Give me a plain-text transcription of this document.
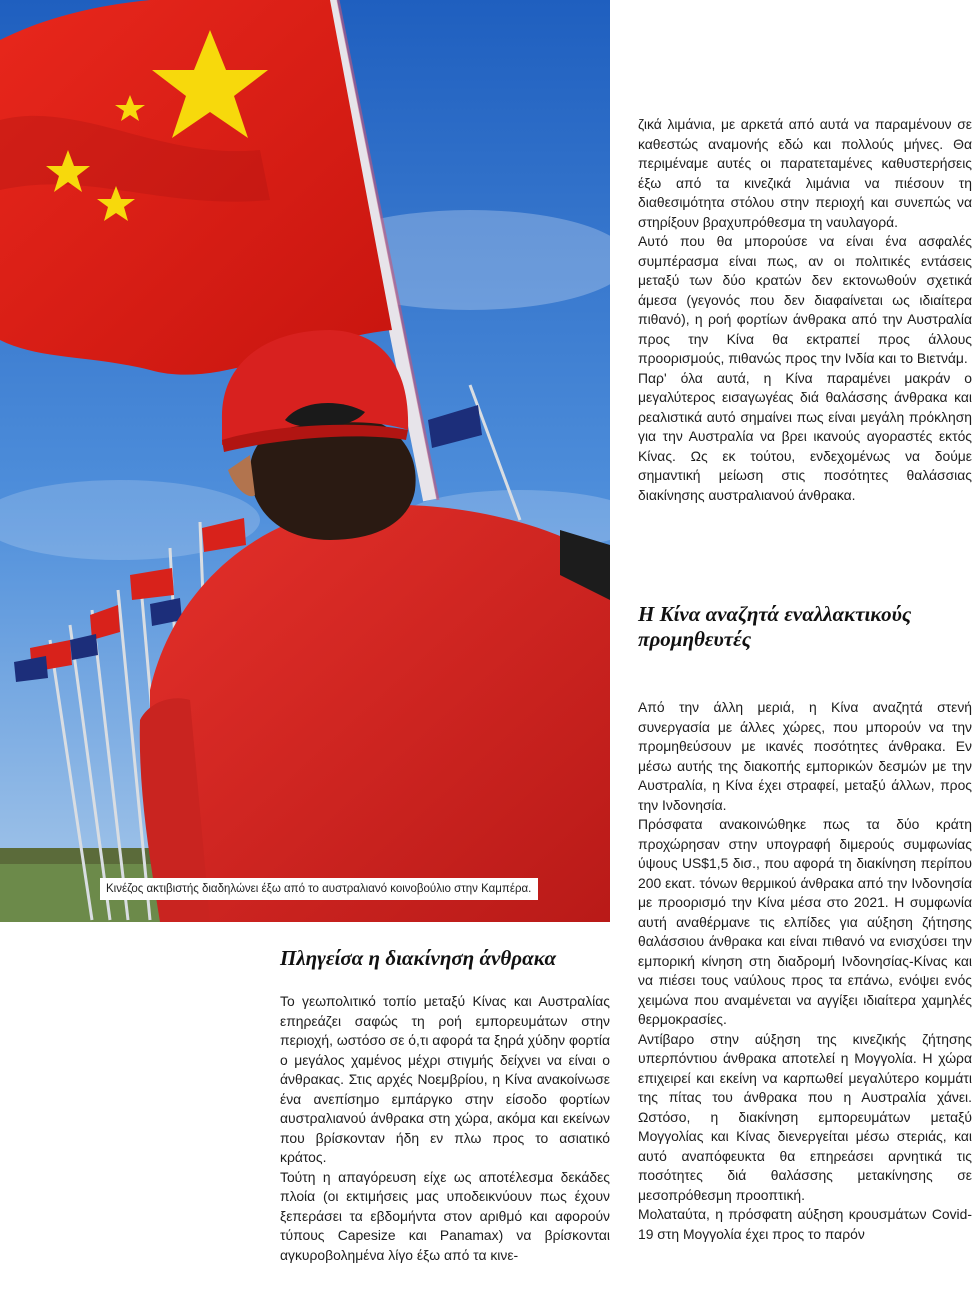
Κινέζος ακτιβιστής διαδηλώνει έξω από το αυστραλιανό κοινοβούλιο στην Καμπέρα.
Πληγείσα η διακίνηση άνθρακα

Το γεωπολιτικό τοπίο μεταξύ Κίνας και Αυστραλίας επηρεάζει σαφώς τη ροή εμπορευμάτων στην περιοχή, ωστόσο σε ό,τι αφορά τα ξηρά χύδην φορτία ο μεγάλος χαμένος μέχρι στιγμής δείχνει να είναι ο άνθρακας. Στις αρχές Νοεμβρίου, η Κίνα ανακοίνωσε ένα ανεπίσημο εμπάργκο στην είσοδο φορτίων αυστραλιανού άνθρακα στη χώρα, ακόμα και εκείνων που βρίσκονταν ήδη εν πλω προς το ασιατικό κράτος.

Τούτη η απαγόρευση είχε ως αποτέλεσμα δεκάδες πλοία (οι εκτιμήσεις μας υποδεικνύουν πως έχουν ξεπεράσει τα εβδομήντα στον αριθμό και αφορούν τύπους Capesize και Panamax) να βρίσκονται αγκυροβολημένα λίγο έξω από τα κινε-

ζικά λιμάνια, με αρκετά από αυτά να παραμένουν σε καθεστώς αναμονής εδώ και πολλούς μήνες. Θα περιμέναμε αυτές οι παρατεταμένες καθυστερήσεις έξω από τα κινεζικά λιμάνια να πιέσουν τη διαθεσιμότητα στόλου στην περιοχή και συνεπώς να στηρίξουν βραχυπρόθεσμα τη ναυλαγορά.

Αυτό που θα μπορούσε να είναι ένα ασφαλές συμπέρασμα είναι πως, αν οι πολιτικές εντάσεις μεταξύ των δύο κρατών δεν εκτονωθούν σχετικά άμεσα (γεγονός που δεν διαφαίνεται ως ιδιαίτερα πιθανό), η ροή φορτίων άνθρακα από την Αυστραλία προς την Κίνα θα εκτραπεί προς άλλους προορισμούς, πιθανώς προς την Ινδία και το Βιετνάμ.

Παρ' όλα αυτά, η Κίνα παραμένει μακράν ο μεγαλύτερος εισαγωγέας διά θαλάσσης άνθρακα και ρεαλιστικά αυτό σημαίνει πως είναι μεγάλη πρόκληση για την Αυστραλία να βρει ικανούς αγοραστές εκτός Κίνας. Ως εκ τούτου, ενδεχομένως να δούμε σημαντική μείωση στις ποσότητες θαλάσσιας διακίνησης αυστραλιανού άνθρακα.

Η Κίνα αναζητά εναλλακτικούς προμηθευτές

Από την άλλη μεριά, η Κίνα αναζητά στενή συνεργασία με άλλες χώρες, που μπορούν να την προμηθεύσουν με ικανές ποσότητες άνθρακα. Εν μέσω αυτής της διακοπής εμπορικών δεσμών με την Αυστραλία, η Κίνα έχει στραφεί, μεταξύ άλλων, προς την Ινδονησία.

Πρόσφατα ανακοινώθηκε πως τα δύο κράτη προχώρησαν στην υπογραφή διμερούς συμφωνίας ύψους US$1,5 δισ., που αφορά τη διακίνηση περίπου 200 εκατ. τόνων θερμικού άνθρακα από την Ινδονησία με προορισμό την Κίνα μέσα στο 2021. Η συμφωνία αυτή αναθέρμανε τις ελπίδες για αύξηση ζήτησης θαλάσσιου άνθρακα και είναι πιθανό να ενισχύσει την εμπορική κίνηση στη διαδρομή Ινδονησίας-Κίνας και να πιέσει τους ναύλους προς τα επάνω, ενόψει ενός χειμώνα που αναμένεται να αγγίξει ιδιαίτερα χαμηλές θερμοκρασίες.

Αντίβαρο στην αύξηση της κινεζικής ζήτησης υπερπόντιου άνθρακα αποτελεί η Μογγολία. Η χώρα επιχειρεί και εκείνη να καρπωθεί μεγαλύτερο κομμάτι της πίτας του άνθρακα που η Αυστραλία χάνει. Ωστόσο, η διακίνηση εμπορευμάτων μεταξύ Μογγολίας και Κίνας διενεργείται μέσω στεριάς, και αυτό αναπόφευκτα θα επηρεάσει αρνητικά τις ποσότητες διά θαλάσσης μετακίνησης σε μεσοπρόθεσμη προοπτική.

Μολαταύτα, η πρόσφατη αύξηση κρουσμάτων Covid-19 στη Μογγολία έχει προς το παρόν
